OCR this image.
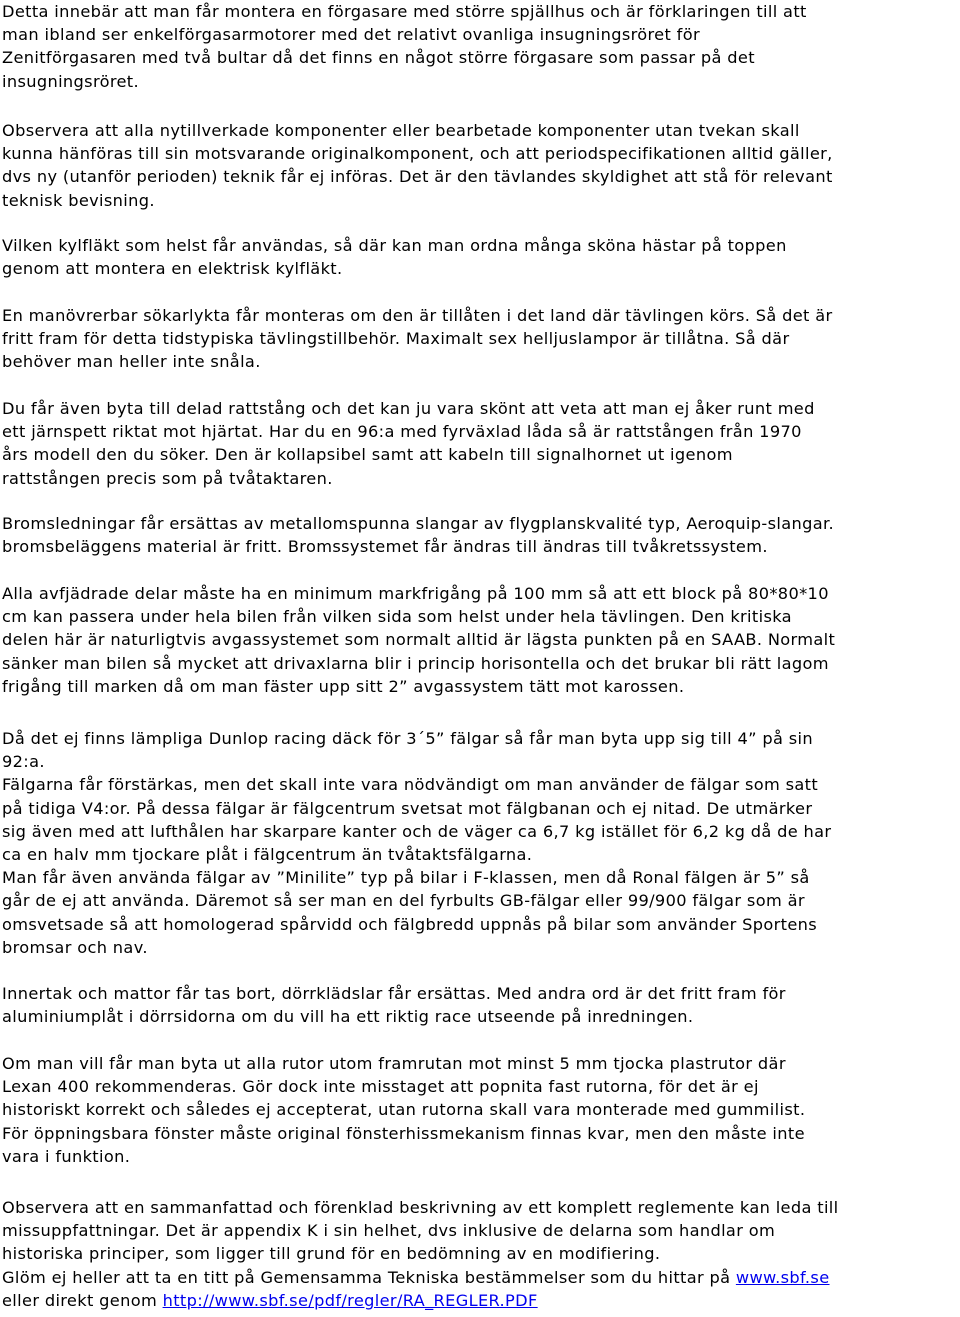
Detta innebär att man får montera en förgasare med större spjällhus och är förklaringen till att
man ibland ser enkelförgasarmotorer med det relativt ovanliga insugningsröret för
Zenitförgasaren med två bultar då det finns en något större förgasare som passar på det
insugningsröret.
Observera att alla nytillverkade komponenter eller bearbetade komponenter utan tvekan skall
kunna hänföras till sin motsvarande originalkomponent, och att periodspecifikationen alltid gäller,
dvs ny (utanför perioden) teknik får ej införas. Det är den tävlandes skyldighet att stå för relevant
teknisk bevisning.
Vilken kylfläkt som helst får användas, så där kan man ordna många sköna hästar på toppen
genom att montera en elektrisk kylfläkt.
En manövrerbar sökarlykta får monteras om den är tillåten i det land där tävlingen körs. Så det är
fritt fram för detta tidstypiska tävlingstillbehör. Maximalt sex helljuslampor är tillåtna. Så där
behöver man heller inte snåla.
Du får även byta till delad rattstång och det kan ju vara skönt att veta att man ej åker runt med
ett järnspett riktat mot hjärtat. Har du en 96:a med fyrväxlad låda så är rattstången från 1970
års modell den du söker. Den är kollapsibel samt att kabeln till signalhornet ut igenom
rattstången precis som på tvåtaktaren.
Bromsledningar får ersättas av metallomspunna slangar av flygplanskvalité typ, Aeroquip-slangar.
bromsbeläggens material är fritt. Bromssystemet får ändras till ändras till tvåkretssystem.
Alla avfjädrade delar måste ha en minimum markfrigång på 100 mm så att ett block på 80*80*10
cm kan passera under hela bilen från vilken sida som helst under hela tävlingen. Den kritiska
delen här är naturligtvis avgassystemet som normalt alltid är lägsta punkten på en SAAB. Normalt
sänker man bilen så mycket att drivaxlarna blir i princip horisontella och det brukar bli rätt lagom
frigång till marken då om man fäster upp sitt 2” avgassystem tätt mot karossen.
Då det ej finns lämpliga Dunlop racing däck för 3´5” fälgar så får man byta upp sig till 4” på sin
92:a.
Fälgarna får förstärkas, men det skall inte vara nödvändigt om man använder de fälgar som satt
på tidiga V4:or. På dessa fälgar är fälgcentrum svetsat mot fälgbanan och ej nitad. De utmärker
sig även med att lufthålen har skarpare kanter och de väger ca 6,7 kg istället för 6,2 kg då de har
ca en halv mm tjockare plåt i fälgcentrum än tvåtaktsfälgarna.
Man får även använda fälgar av ”Minilite” typ på bilar i F-klassen, men då Ronal fälgen är 5” så
går de ej att använda. Däremot så ser man en del fyrbults GB-fälgar eller 99/900 fälgar som är
omsvetsade så att homologerad spårvidd och fälgbredd uppnås på bilar som använder Sportens
bromsar och nav.
Innertak och mattor får tas bort, dörrklädslar får ersättas. Med andra ord är det fritt fram för
aluminiumplåt i dörrsidorna om du vill ha ett riktig race utseende på inredningen.
Om man vill får man byta ut alla rutor utom framrutan mot minst 5 mm tjocka plastrutor där
Lexan 400 rekommenderas. Gör dock inte misstaget att popnita fast rutorna, för det är ej
historiskt korrekt och således ej accepterat, utan rutorna skall vara monterade med gummilist.
För öppningsbara fönster måste original fönsterhissmekanism finnas kvar, men den måste inte
vara i funktion.
Observera att en sammanfattad och förenklad beskrivning av ett komplett reglemente kan leda till
missuppfattningar. Det är appendix K i sin helhet, dvs inklusive de delarna som handlar om
historiska principer, som ligger till grund för en bedömning av en modifiering.
Glöm ej heller att ta en titt på Gemensamma Tekniska bestämmelser som du hittar på www.sbf.se
eller direkt genom http://www.sbf.se/pdf/regler/RA_REGLER.PDF
